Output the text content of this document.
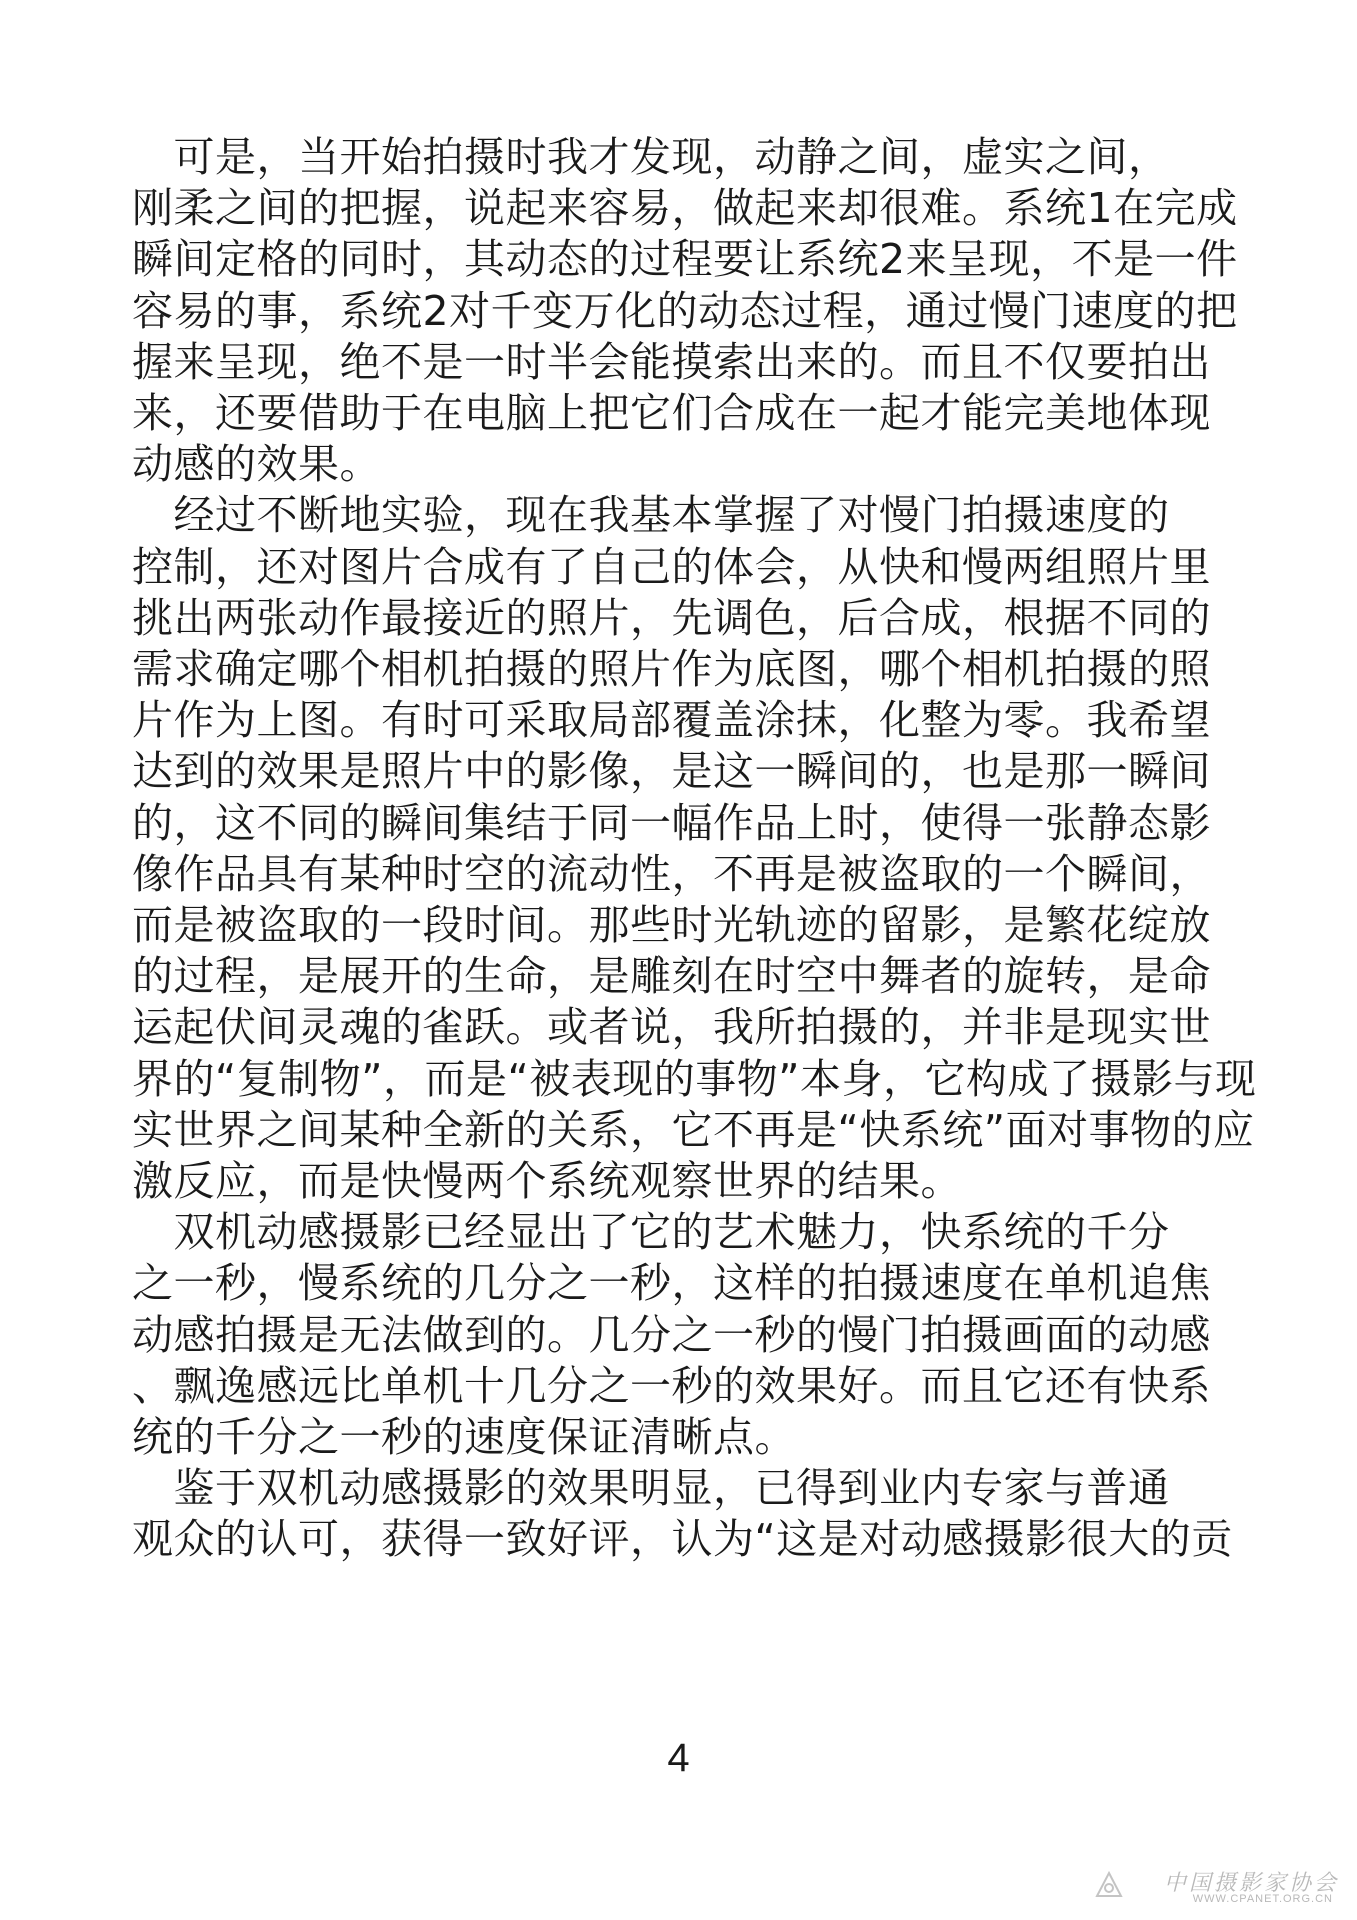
　可是，当开始拍摄时我才发现，动静之间，虚实之间，
刚柔之间的把握，说起来容易，做起来却很难。系统1在完成
瞬间定格的同时，其动态的过程要让系统2来呈现，不是一件
容易的事，系统2对千变万化的动态过程，通过慢门速度的把
握来呈现，绝不是一时半会能摸索出来的。而且不仅要拍出
来，还要借助于在电脑上把它们合成在一起才能完美地体现
动感的效果。
　经过不断地实验，现在我基本掌握了对慢门拍摄速度的
控制，还对图片合成有了自己的体会，从快和慢两组照片里
挑出两张动作最接近的照片，先调色，后合成，根据不同的
需求确定哪个相机拍摄的照片作为底图，哪个相机拍摄的照
片作为上图。有时可采取局部覆盖涂抹，化整为零。我希望
达到的效果是照片中的影像，是这一瞬间的，也是那一瞬间
的，这不同的瞬间集结于同一幅作品上时，使得一张静态影
像作品具有某种时空的流动性，不再是被盗取的一个瞬间，
而是被盗取的一段时间。那些时光轨迹的留影，是繁花绽放
的过程，是展开的生命，是雕刻在时空中舞者的旋转，是命
运起伏间灵魂的雀跃。或者说，我所拍摄的，并非是现实世
界的“复制物”，而是“被表现的事物”本身，它构成了摄影与现
实世界之间某种全新的关系，它不再是“快系统”面对事物的应
激反应，而是快慢两个系统观察世界的结果。
　双机动感摄影已经显出了它的艺术魅力，快系统的千分
之一秒，慢系统的几分之一秒，这样的拍摄速度在单机追焦
动感拍摄是无法做到的。几分之一秒的慢门拍摄画面的动感
、飘逸感远比单机十几分之一秒的效果好。而且它还有快系
统的千分之一秒的速度保证清晰点。
　鉴于双机动感摄影的效果明显，已得到业内专家与普通
观众的认可，获得一致好评，认为“这是对动感摄影很大的贡
4
中国摄影家协会
WWW.CPANET.ORG.CN
